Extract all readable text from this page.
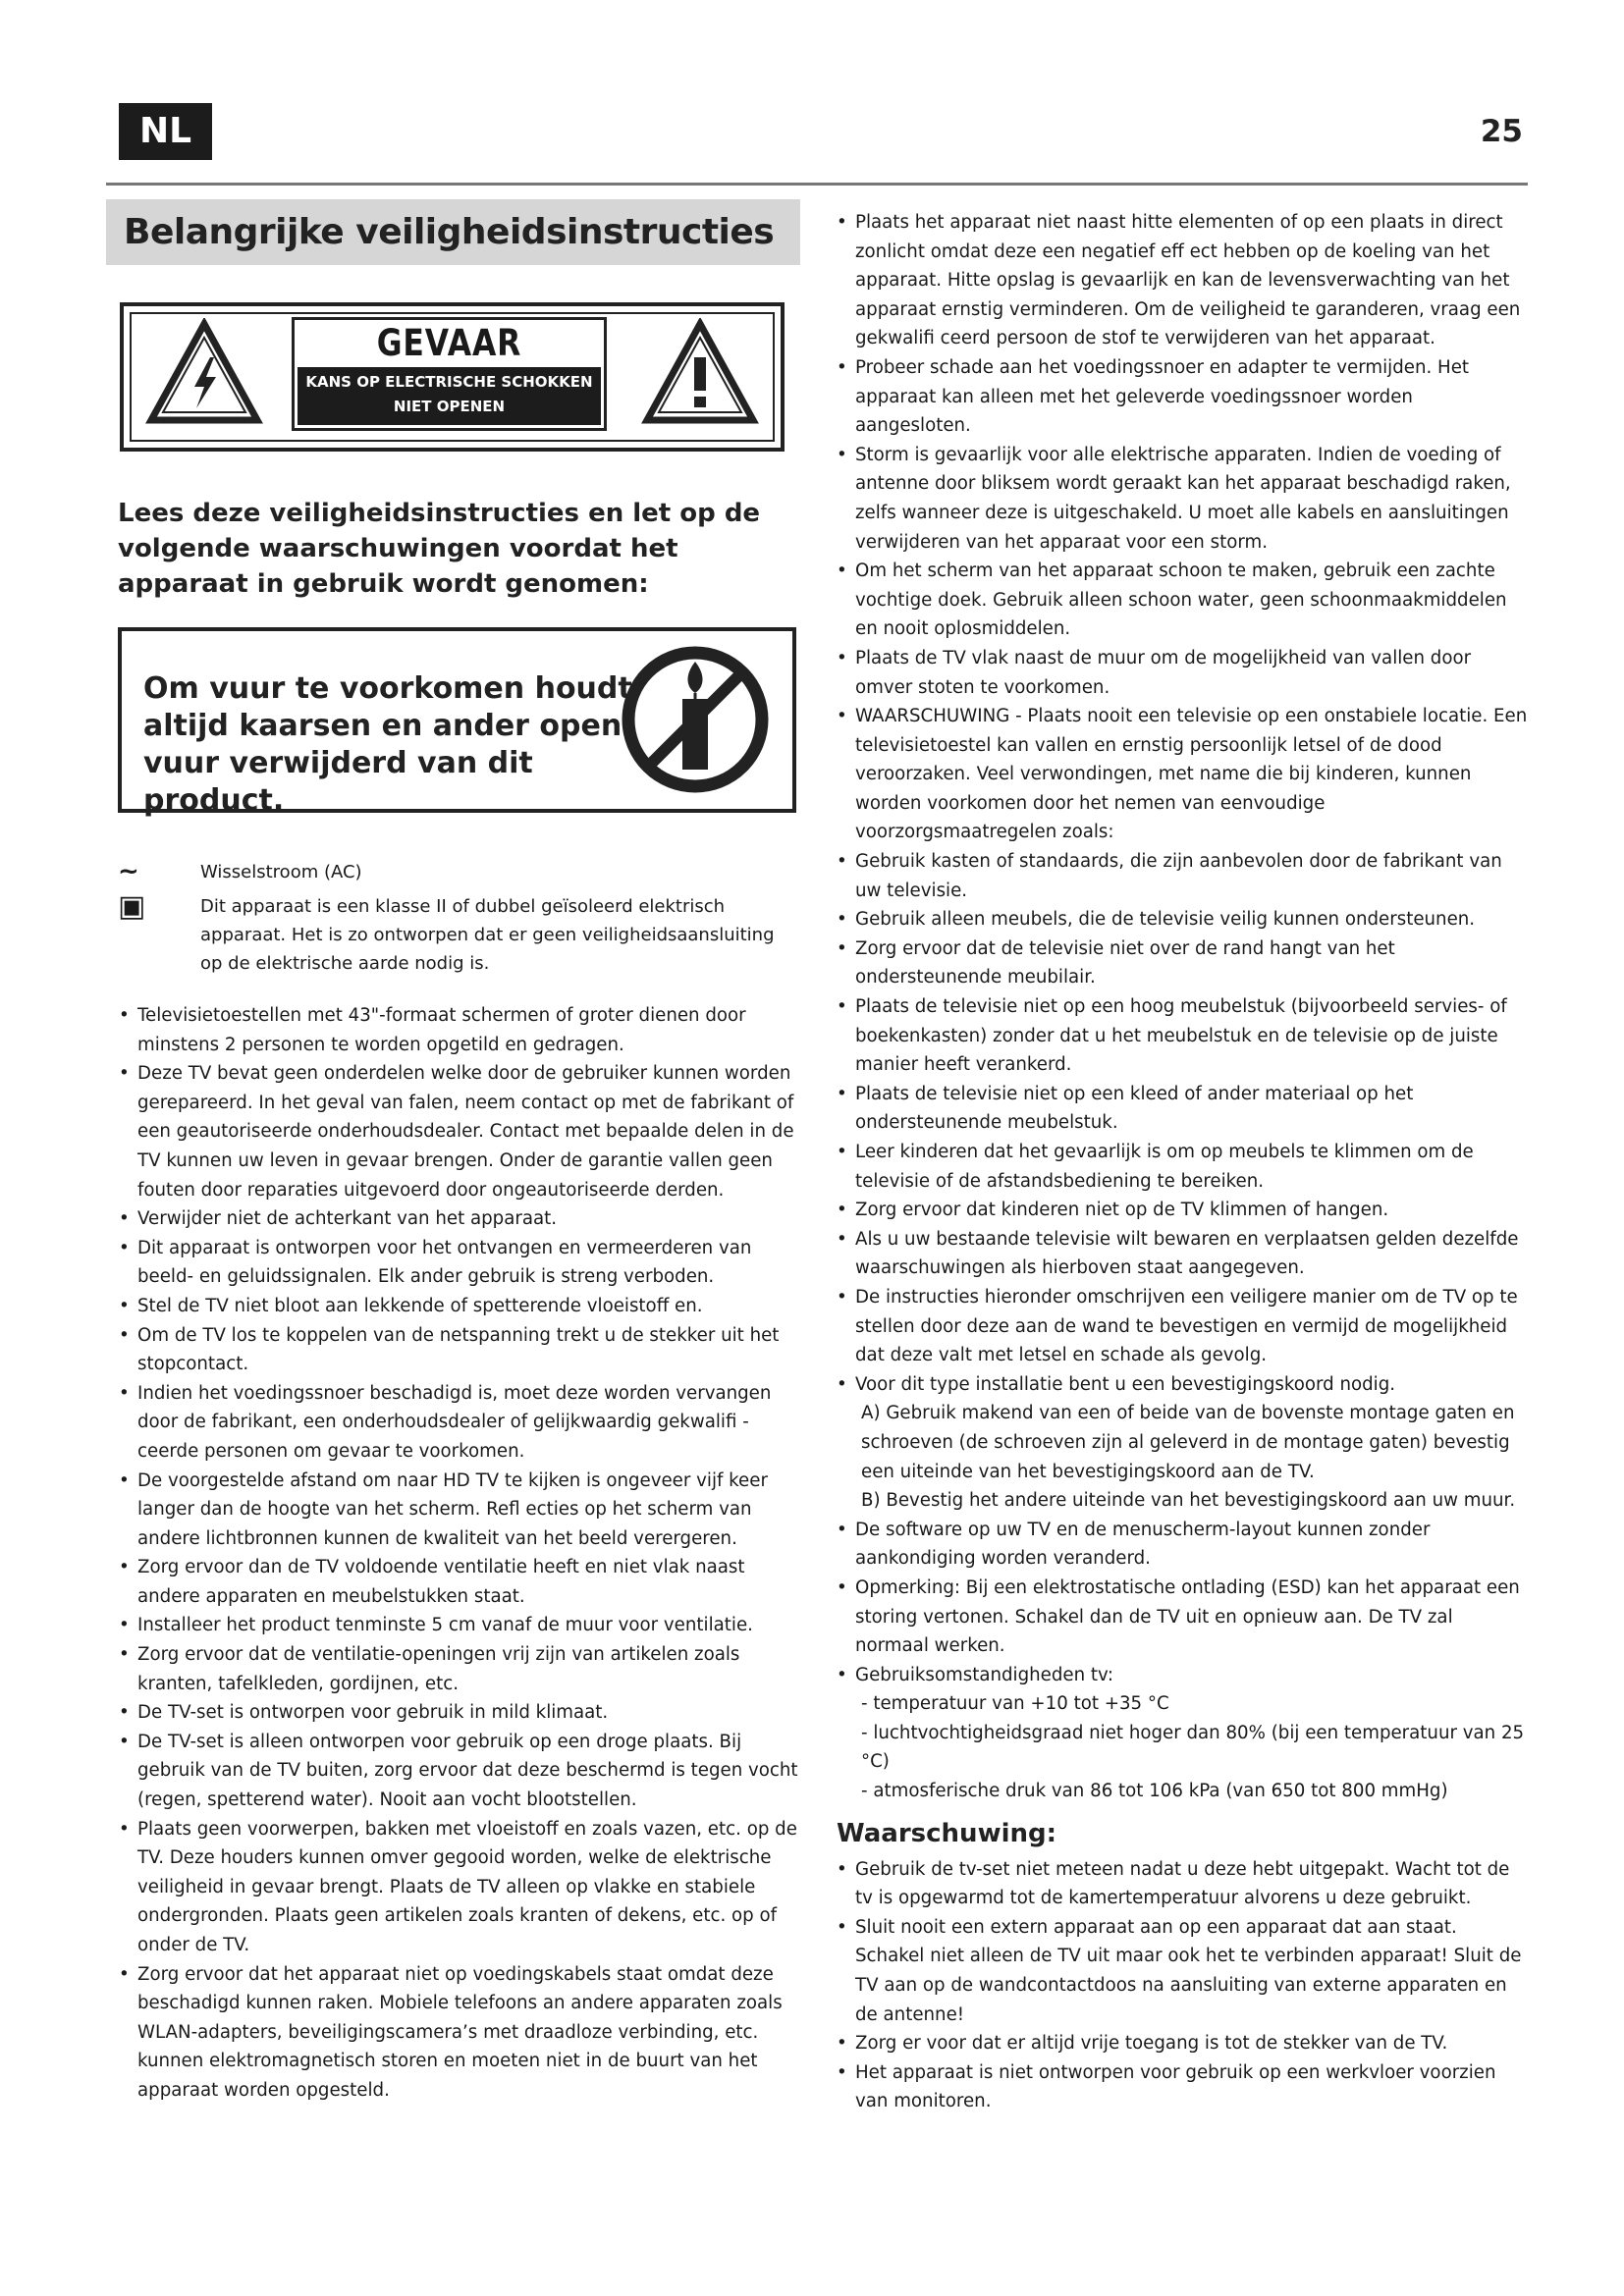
NL	25
Belangrijke veiligheidsinstructies
GEVAAR
KANS OP ELECTRISCHE SCHOKKEN
NIET OPENEN
Lees deze veiligheidsinstructies en let op de volgende waarschuwingen voordat het apparaat in gebruik wordt genomen:
Om vuur te voorkomen houdt altijd kaarsen en ander open vuur verwijderd van dit product.
~	Wisselstroom (AC)
▣	Dit apparaat is een klasse II of dubbel geïsoleerd elektrisch apparaat. Het is zo ontworpen dat er geen veiligheidsaansluiting op de elektrische aarde nodig is.
• Televisietoestellen met 43"-formaat schermen of groter dienen door minstens 2 personen te worden opgetild en gedragen.
• Deze TV bevat geen onderdelen welke door de gebruiker kunnen worden gerepareerd. In het geval van falen, neem contact op met de fabrikant of een geautoriseerde onderhoudsdealer. Contact met bepaalde delen in de TV kunnen uw leven in gevaar brengen. Onder de garantie vallen geen fouten door reparaties uitgevoerd door ongeautoriseerde derden.
• Verwijder niet de achterkant van het apparaat.
• Dit apparaat is ontworpen voor het ontvangen en vermeerderen van beeld- en geluidssignalen. Elk ander gebruik is streng verboden.
• Stel de TV niet bloot aan lekkende of spetterende vloeistoff en.
• Om de TV los te koppelen van de netspanning trekt u de stekker uit het stopcontact.
• Indien het voedingssnoer beschadigd is, moet deze worden vervangen door de fabrikant, een onderhoudsdealer of gelijkwaardig gekwalifi - ceerde personen om gevaar te voorkomen.
• De voorgestelde afstand om naar HD TV te kijken is ongeveer vijf keer langer dan de hoogte van het scherm. Refl ecties op het scherm van andere lichtbronnen kunnen de kwaliteit van het beeld verergeren.
• Zorg ervoor dan de TV voldoende ventilatie heeft en niet vlak naast andere apparaten en meubelstukken staat.
• Installeer het product tenminste 5 cm vanaf de muur voor ventilatie.
• Zorg ervoor dat de ventilatie-openingen vrij zijn van artikelen zoals kranten, tafelkleden, gordijnen, etc.
• De TV-set is ontworpen voor gebruik in mild klimaat.
• De TV-set is alleen ontworpen voor gebruik op een droge plaats. Bij gebruik van de TV buiten, zorg ervoor dat deze beschermd is tegen vocht (regen, spetterend water). Nooit aan vocht blootstellen.
• Plaats geen voorwerpen, bakken met vloeistoff en zoals vazen, etc. op de TV. Deze houders kunnen omver gegooid worden, welke de elektrische veiligheid in gevaar brengt. Plaats de TV alleen op vlakke en stabiele ondergronden. Plaats geen artikelen zoals kranten of dekens, etc. op of onder de TV.
• Zorg ervoor dat het apparaat niet op voedingskabels staat omdat deze beschadigd kunnen raken. Mobiele telefoons an andere apparaten zoals WLAN-adapters, beveiligingscamera’s met draadloze verbinding, etc. kunnen elektromagnetisch storen en moeten niet in de buurt van het apparaat worden opgesteld.
• Plaats het apparaat niet naast hitte elementen of op een plaats in direct zonlicht omdat deze een negatief eff ect hebben op de koeling van het apparaat. Hitte opslag is gevaarlijk en kan de levensverwachting van het apparaat ernstig verminderen. Om de veiligheid te garanderen, vraag een gekwalifi ceerd persoon de stof te verwijderen van het apparaat.
• Probeer schade aan het voedingssnoer en adapter te vermijden. Het apparaat kan alleen met het geleverde voedingssnoer worden aangesloten.
• Storm is gevaarlijk voor alle elektrische apparaten. Indien de voeding of antenne door bliksem wordt geraakt kan het apparaat beschadigd raken, zelfs wanneer deze is uitgeschakeld. U moet alle kabels en aansluitingen verwijderen van het apparaat voor een storm.
• Om het scherm van het apparaat schoon te maken, gebruik een zachte vochtige doek. Gebruik alleen schoon water, geen schoonmaakmiddelen en nooit oplosmiddelen.
• Plaats de TV vlak naast de muur om de mogelijkheid van vallen door omver stoten te voorkomen.
• WAARSCHUWING - Plaats nooit een televisie op een onstabiele locatie. Een televisietoestel kan vallen en ernstig persoonlijk letsel of de dood veroorzaken. Veel verwondingen, met name die bij kinderen, kunnen worden voorkomen door het nemen van eenvoudige voorzorgsmaatregelen zoals:
• Gebruik kasten of standaards, die zijn aanbevolen door de fabrikant van uw televisie.
• Gebruik alleen meubels, die de televisie veilig kunnen ondersteunen.
• Zorg ervoor dat de televisie niet over de rand hangt van het ondersteunende meubilair.
• Plaats de televisie niet op een hoog meubelstuk (bijvoorbeeld servies- of boekenkasten) zonder dat u het meubelstuk en de televisie op de juiste manier heeft verankerd.
• Plaats de televisie niet op een kleed of ander materiaal op het ondersteunende meubelstuk.
• Leer kinderen dat het gevaarlijk is om op meubels te klimmen om de televisie of de afstandsbediening te bereiken.
• Zorg ervoor dat kinderen niet op de TV klimmen of hangen.
• Als u uw bestaande televisie wilt bewaren en verplaatsen gelden dezelfde waarschuwingen als hierboven staat aangegeven.
• De instructies hieronder omschrijven een veiligere manier om de TV op te stellen door deze aan de wand te bevestigen en vermijd de mogelijkheid dat deze valt met letsel en schade als gevolg.
• Voor dit type installatie bent u een bevestigingskoord nodig.
A) Gebruik makend van een of beide van de bovenste montage gaten en schroeven (de schroeven zijn al geleverd in de montage gaten) bevestig een uiteinde van het bevestigingskoord aan de TV.
B) Bevestig het andere uiteinde van het bevestigingskoord aan uw muur.
• De software op uw TV en de menuscherm-layout kunnen zonder aankondiging worden veranderd.
• Opmerking: Bij een elektrostatische ontlading (ESD) kan het apparaat een storing vertonen. Schakel dan de TV uit en opnieuw aan. De TV zal normaal werken.
• Gebruiksomstandigheden tv:
- temperatuur van +10 tot +35 °C
- luchtvochtigheidsgraad niet hoger dan 80% (bij een temperatuur van 25 °C)
- atmosferische druk van 86 tot 106 kPa (van 650 tot 800 mmHg)
Waarschuwing:
• Gebruik de tv-set niet meteen nadat u deze hebt uitgepakt. Wacht tot de tv is opgewarmd tot de kamertemperatuur alvorens u deze gebruikt.
• Sluit nooit een extern apparaat aan op een apparaat dat aan staat. Schakel niet alleen de TV uit maar ook het te verbinden apparaat! Sluit de TV aan op de wandcontactdoos na aansluiting van externe apparaten en de antenne!
• Zorg er voor dat er altijd vrije toegang is tot de stekker van de TV.
• Het apparaat is niet ontworpen voor gebruik op een werkvloer voorzien van monitoren.
